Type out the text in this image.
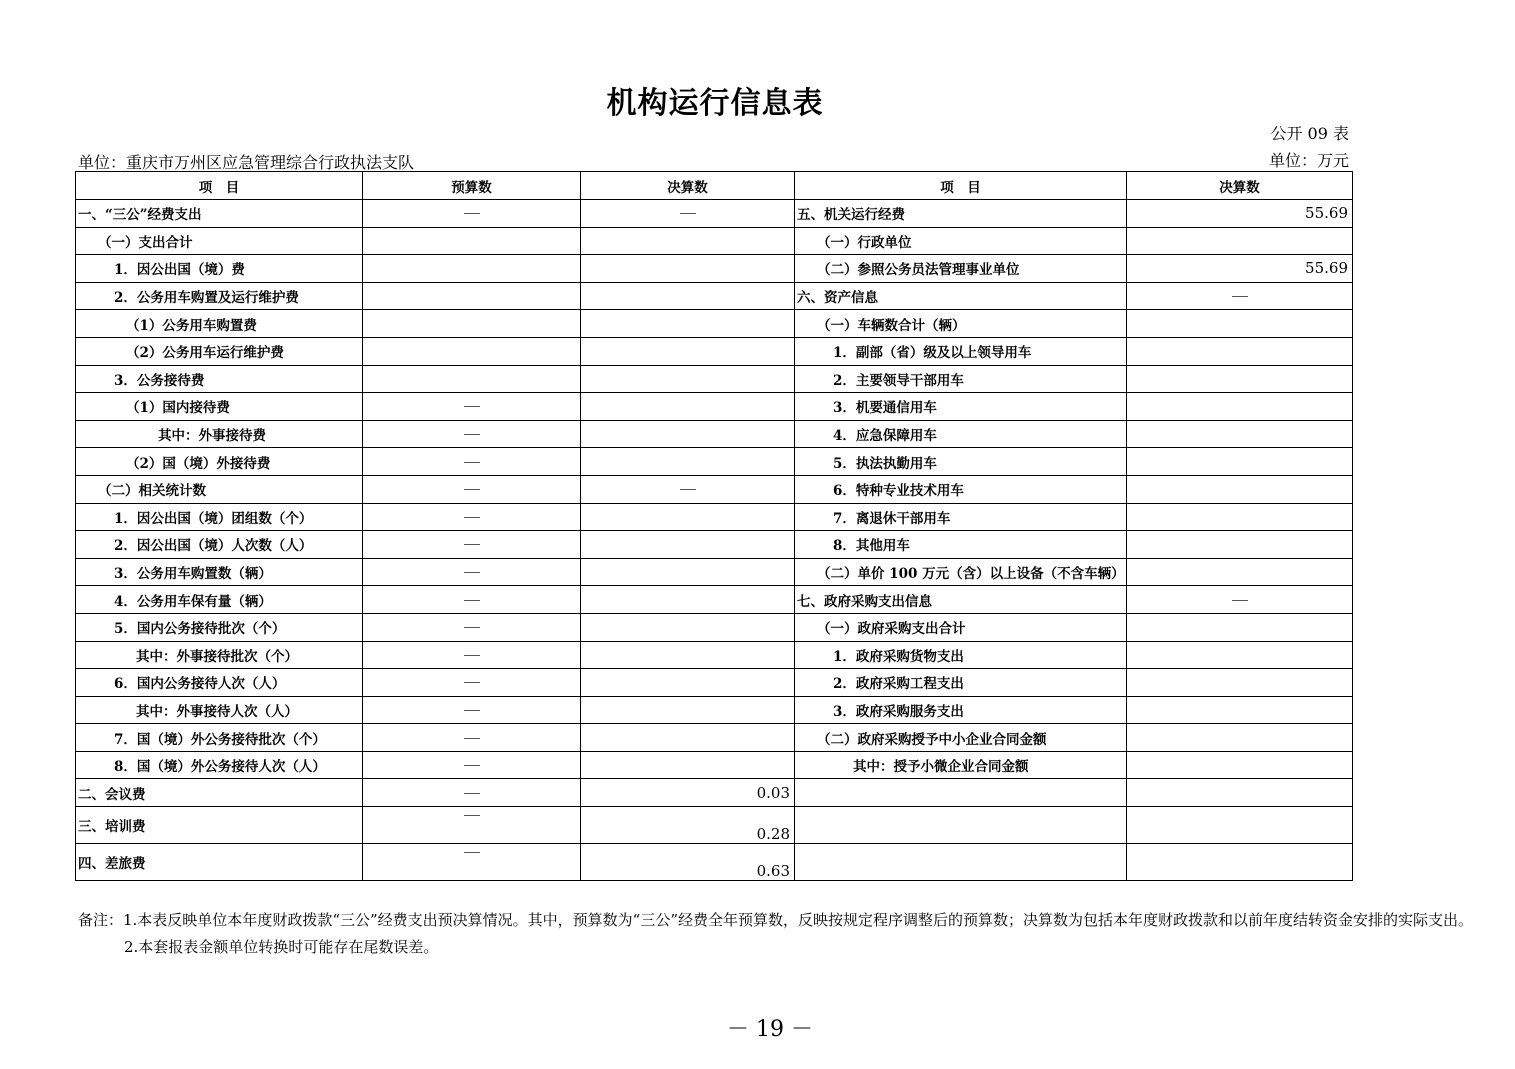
机构运行信息表
公开 09 表
单位：重庆市万州区应急管理综合行政执法支队	单位：万元
项　目	预算数	决算数	项　目	决算数
一、“三公”经费支出			五、机关运行经费	55.69
（一）支出合计			（一）行政单位	
1．因公出国（境）费			（二）参照公务员法管理事业单位	55.69
2．公务用车购置及运行维护费			六、资产信息	
（1）公务用车购置费			（一）车辆数合计（辆）	
（2）公务用车运行维护费			1．副部（省）级及以上领导用车	
3．公务接待费			2．主要领导干部用车	
（1）国内接待费			3．机要通信用车	
其中：外事接待费			4．应急保障用车	
（2）国（境）外接待费			5．执法执勤用车	
（二）相关统计数			6．特种专业技术用车	
1．因公出国（境）团组数（个）			7．离退休干部用车	
2．因公出国（境）人次数（人）			8．其他用车	
3．公务用车购置数（辆）			（二）单价 100 万元（含）以上设备（不含车辆）	
4．公务用车保有量（辆）			七、政府采购支出信息	
5．国内公务接待批次（个）			（一）政府采购支出合计	
其中：外事接待批次（个）			1．政府采购货物支出	
6．国内公务接待人次（人）			2．政府采购工程支出	
其中：外事接待人次（人）			3．政府采购服务支出	
7．国（境）外公务接待批次（个）			（二）政府采购授予中小企业合同金额	
8．国（境）外公务接待人次（人）			其中：授予小微企业合同金额	
二、会议费		0.03		
三、培训费		0.28		
四、差旅费		0.63		
备注：1.本表反映单位本年度财政拨款“三公”经费支出预决算情况。其中，预算数为“三公”经费全年预算数，反映按规定程序调整后的预算数；决算数为包括本年度财政拨款和以前年度结转资金安排的实际支出。
2.本套报表金额单位转换时可能存在尾数误差。
－ 19 －
